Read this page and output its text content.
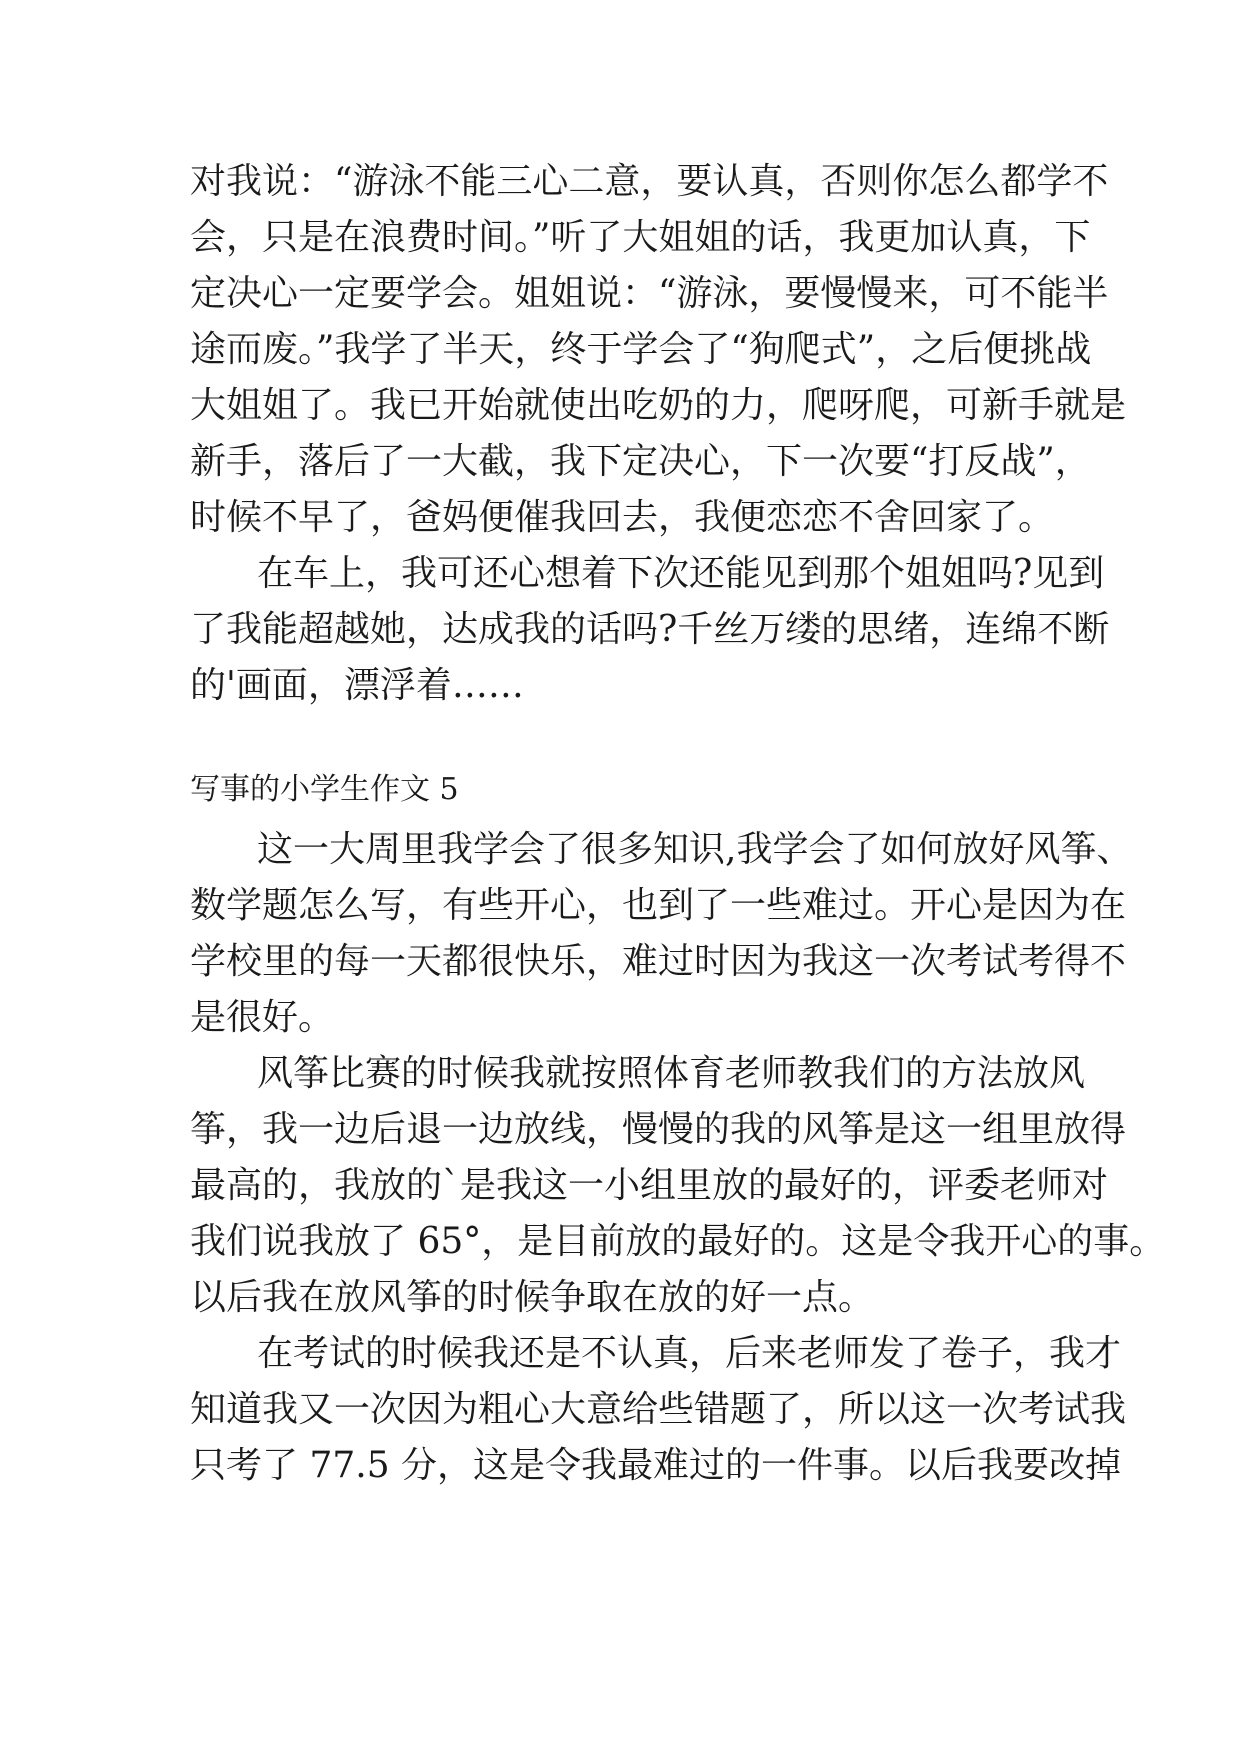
对我说：“游泳不能三心二意，要认真，否则你怎么都学不
会，只是在浪费时间。”听了大姐姐的话，我更加认真，下
定决心一定要学会。姐姐说：“游泳，要慢慢来，可不能半
途而废。”我学了半天，终于学会了“狗爬式”，之后便挑战
大姐姐了。我已开始就使出吃奶的力，爬呀爬，可新手就是
新手，落后了一大截，我下定决心，下一次要“打反战”，
时候不早了，爸妈便催我回去，我便恋恋不舍回家了。
在车上，我可还心想着下次还能见到那个姐姐吗?见到
了我能超越她，达成我的话吗?千丝万缕的思绪，连绵不断
的'画面，漂浮着……
写事的小学生作文 5
这一大周里我学会了很多知识,我学会了如何放好风筝、
数学题怎么写，有些开心，也到了一些难过。开心是因为在
学校里的每一天都很快乐，难过时因为我这一次考试考得不
是很好。
风筝比赛的时候我就按照体育老师教我们的方法放风
筝，我一边后退一边放线，慢慢的我的风筝是这一组里放得
最高的，我放的`是我这一小组里放的最好的，评委老师对
我们说我放了 65°，是目前放的最好的。这是令我开心的事。
以后我在放风筝的时候争取在放的好一点。
在考试的时候我还是不认真，后来老师发了卷子，我才
知道我又一次因为粗心大意给些错题了，所以这一次考试我
只考了 77.5 分，这是令我最难过的一件事。以后我要改掉
